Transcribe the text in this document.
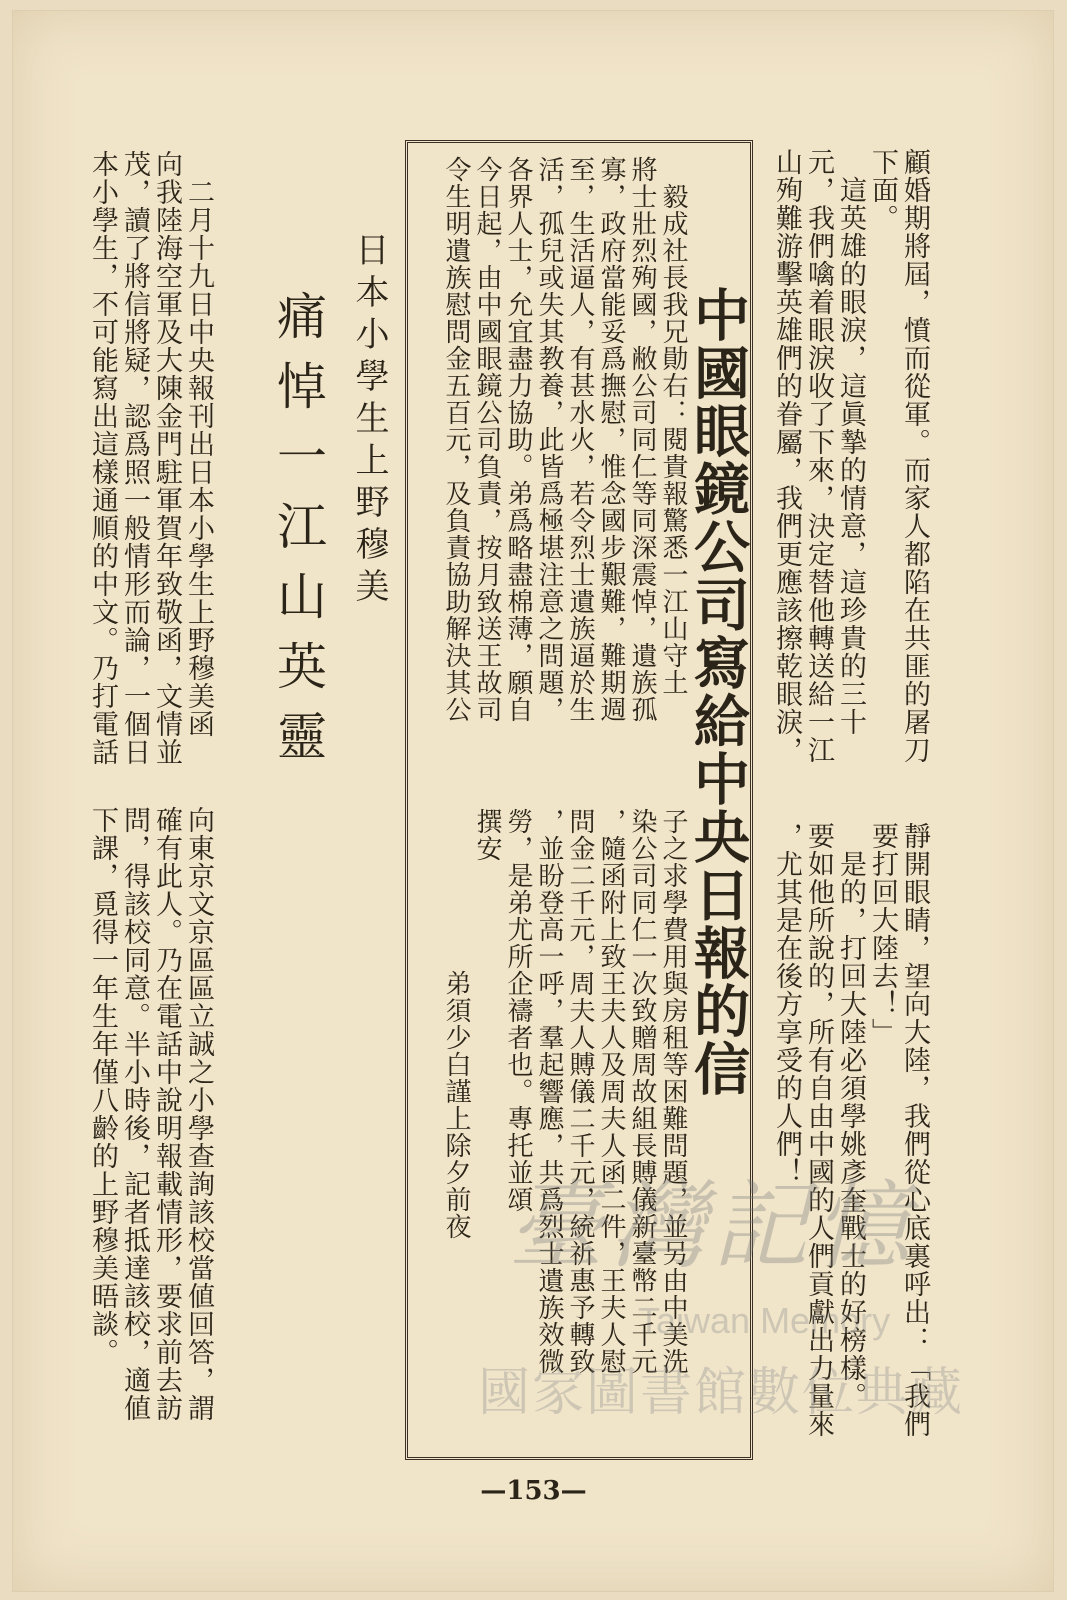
顧婚期將屆，憤而從軍。而家人都陷在共匪的屠刀
下面。
　這英雄的眼淚，這眞摯的情意，這珍貴的三十
元，我們噙着眼淚收了下來，決定替他轉送給一江
山殉難游擊英雄們的眷屬，我們更應該擦乾眼淚，
靜開眼睛，望向大陸，我們從心底裏呼出：「我們
要打回大陸去！」
　是的，打回大陸必須學姚彥奎戰士的好榜樣。
要如他所說的，所有自由中國的人們貢獻出力量來
，尤其是在後方享受的人們！
中國眼鏡公司寫給中央日報的信
　毅成社長我兄勛右：閱貴報驚悉一江山守土
將士壯烈殉國，敝公司同仁等同深震悼，遺族孤
寡，政府當能妥爲撫慰，惟念國步艱難，難期週
至，生活逼人，有甚水火，若令烈士遺族逼於生
活，孤兒或失其教養，此皆爲極堪注意之問題，
各界人士，允宜盡力協助。弟爲略盡棉薄，願自
今日起，由中國眼鏡公司負責，按月致送王故司
令生明遺族慰問金五百元，及負責協助解決其公
子之求學費用與房租等困難問題，並另由中美洗
染公司同仁一次致贈周故組長賻儀新臺幣二千元
，隨函附上致王夫人及周夫人函二件，王夫人慰
問金二千元，周夫人賻儀二千元，統祈惠予轉致
，並盼登高一呼，羣起響應，共爲烈士遺族效微
勞，是弟尤所企禱者也。專托並頌
撰安
　　　　　　弟須少白謹上除夕前夜
日本小學生上野穆美
痛悼一江山英靈
　二月十九日中央報刊出日本小學生上野穆美函
向我陸海空軍及大陳金門駐軍賀年致敬函，文情並
茂，讀了將信將疑，認爲照一般情形而論，一個日
本小學生，不可能寫出這樣通順的中文。乃打電話
向東京文京區區立誠之小學查詢該校當値回答，謂
確有此人。乃在電話中說明報載情形，要求前去訪
問，得該校同意。半小時後，記者抵達該校，適値
下課，覓得一年生年僅八齡的上野穆美晤談。
—153—
臺灣記憶
Taiwan Memory
國家圖書館數位典藏
